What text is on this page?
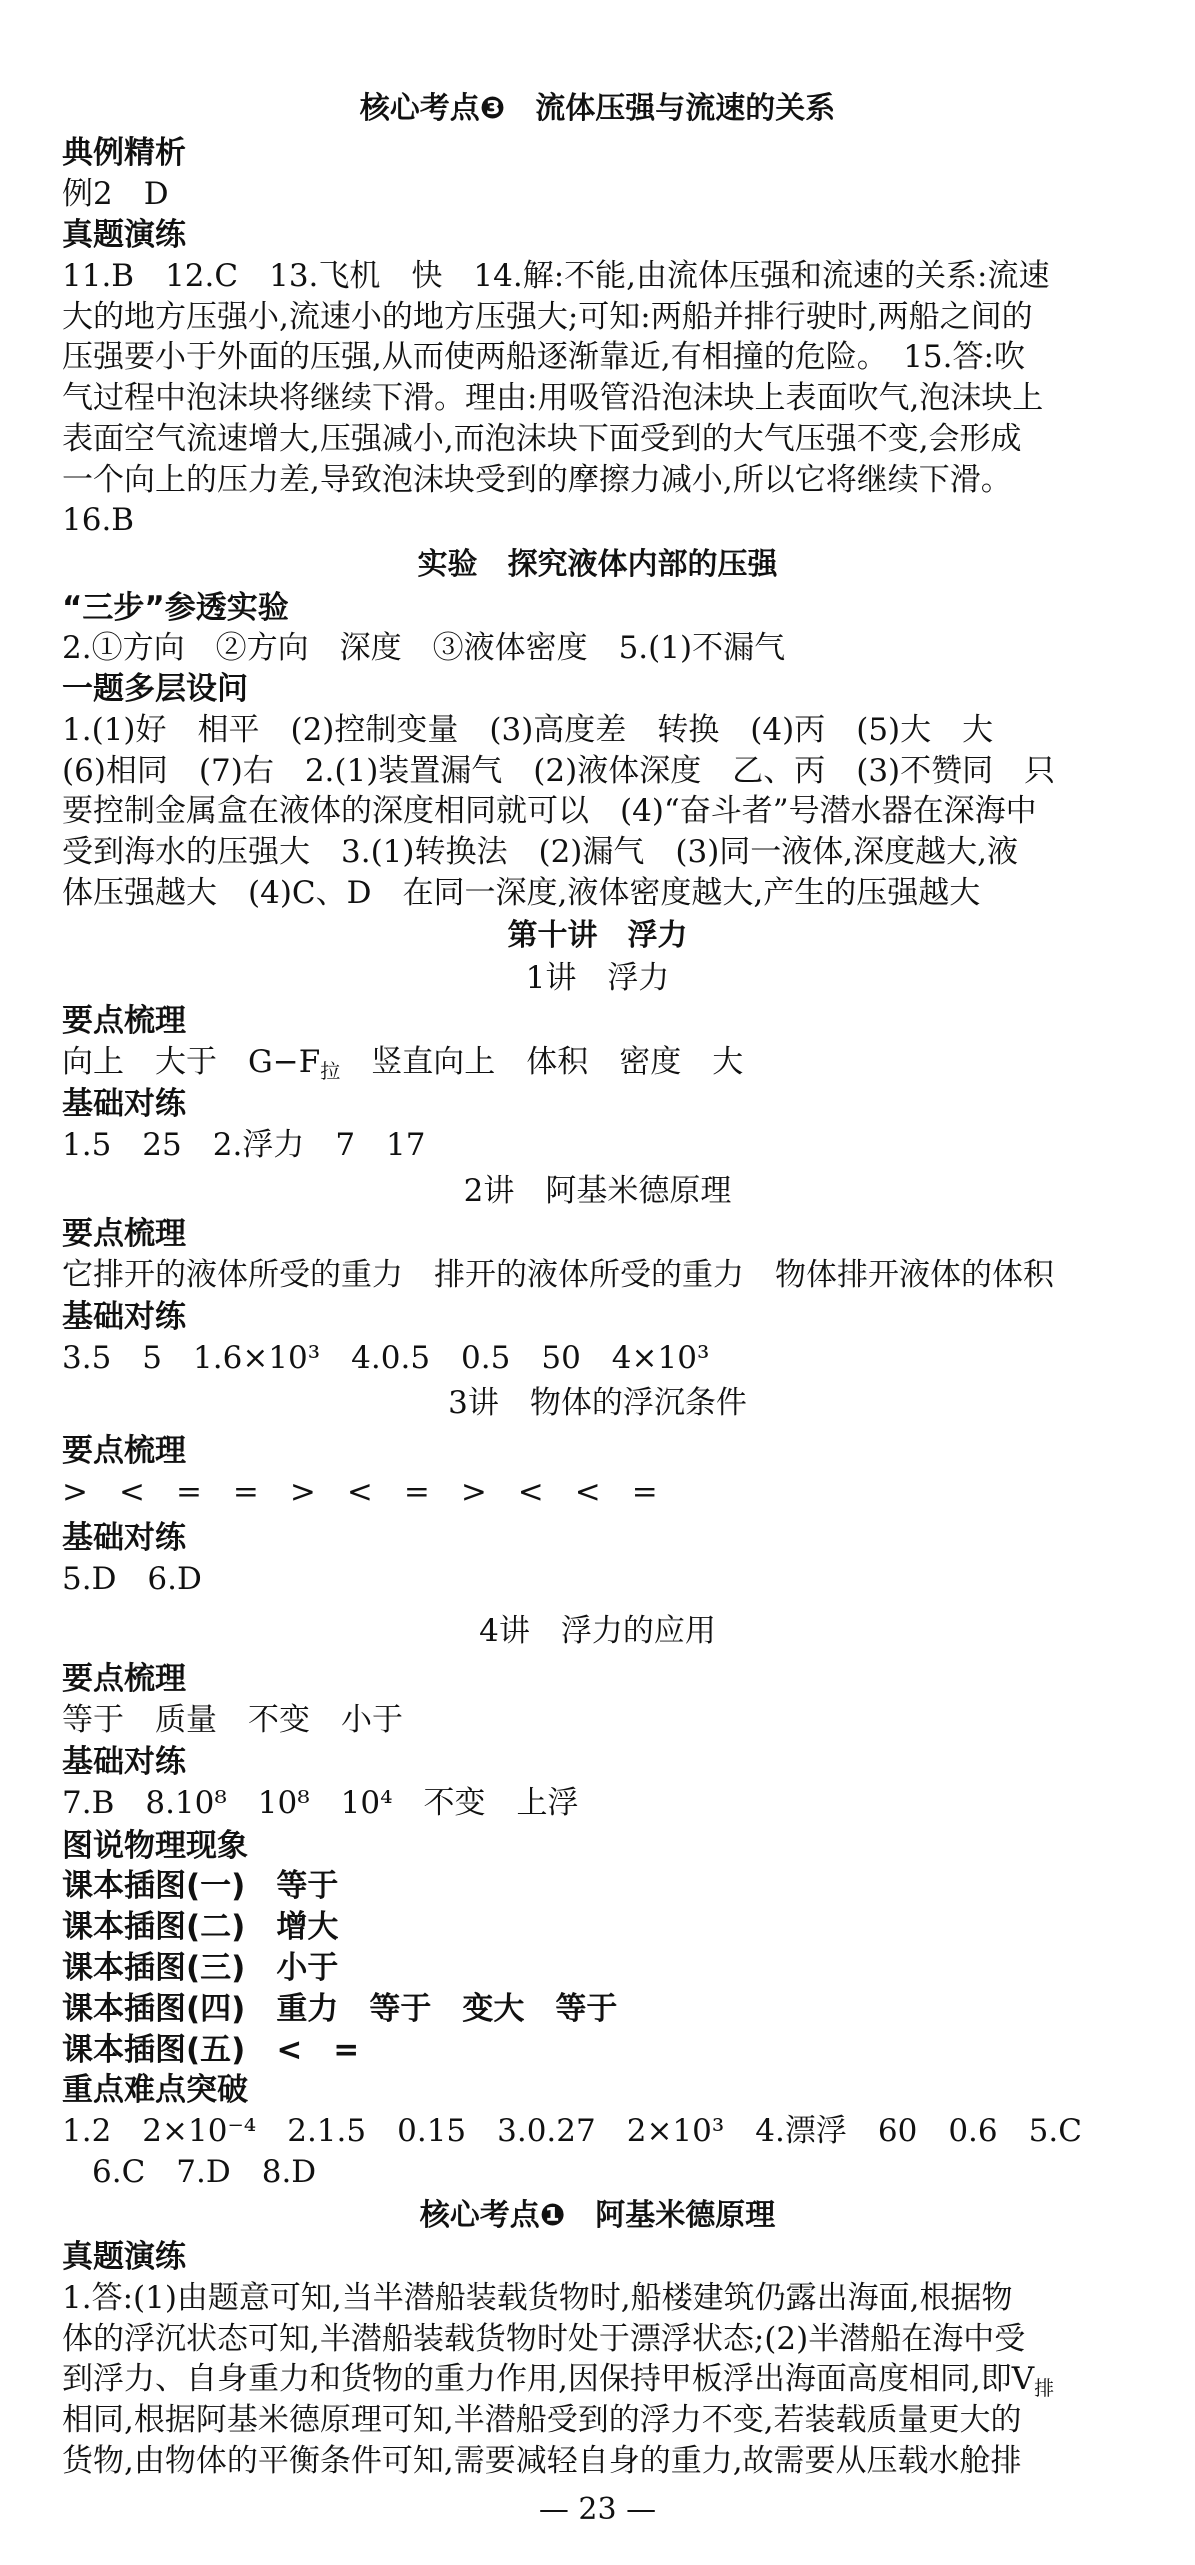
核心考点❸　流体压强与流速的关系
典例精析
例2　D
真题演练
11.B　12.C　13.飞机　快　14.解:不能,由流体压强和流速的关系:流速
大的地方压强小,流速小的地方压强大;可知:两船并排行驶时,两船之间的
压强要小于外面的压强,从而使两船逐渐靠近,有相撞的危险。　15.答:吹
气过程中泡沫块将继续下滑。理由:用吸管沿泡沫块上表面吹气,泡沫块上
表面空气流速增大,压强减小,而泡沫块下面受到的大气压强不变,会形成
一个向上的压力差,导致泡沫块受到的摩擦力减小,所以它将继续下滑。
16.B
实验　探究液体内部的压强
“三步”参透实验
2.①方向　②方向　深度　③液体密度　5.(1)不漏气
一题多层设问
1.(1)好　相平　(2)控制变量　(3)高度差　转换　(4)丙　(5)大　大
(6)相同　(7)右　2.(1)装置漏气　(2)液体深度　乙、丙　(3)不赞同　只
要控制金属盒在液体的深度相同就可以　(4)“奋斗者”号潜水器在深海中
受到海水的压强大　3.(1)转换法　(2)漏气　(3)同一液体,深度越大,液
体压强越大　(4)C、D　在同一深度,液体密度越大,产生的压强越大
第十讲　浮力
1讲　浮力
要点梳理
向上　大于　$G-F_拉$　竖直向上　体积　密度　大
基础对练
1.5　25　2.浮力　7　17
2讲　阿基米德原理
要点梳理
它排开的液体所受的重力　排开的液体所受的重力　物体排开液体的体积
基础对练
3.5　5　1.6×10³　4.0.5　0.5　50　4×10³
3讲　物体的浮沉条件
要点梳理
>　<　=　=　>　<　=　>　<　<　=
基础对练
5.D　6.D
4讲　浮力的应用
要点梳理
等于　质量　不变　小于
基础对练
7.B　8.10⁸　10⁸　10⁴　不变　上浮
图说物理现象
课本插图(一)　等于
课本插图(二)　增大
课本插图(三)　小于
课本插图(四)　重力　等于　变大　等于
课本插图(五)　<　=
重点难点突破
1.2　2×10⁻⁴　2.1.5　0.15　3.0.27　2×10³　4.漂浮　60　0.6　5.C
6.C　7.D　8.D
核心考点❶　阿基米德原理
真题演练
1.答:(1)由题意可知,当半潜船装载货物时,船楼建筑仍露出海面,根据物
体的浮沉状态可知,半潜船装载货物时处于漂浮状态;(2)半潜船在海中受
到浮力、自身重力和货物的重力作用,因保持甲板浮出海面高度相同,即$V_排$
相同,根据阿基米德原理可知,半潜船受到的浮力不变,若装载质量更大的
货物,由物体的平衡条件可知,需要减轻自身的重力,故需要从压载水舱排
— 23 —
